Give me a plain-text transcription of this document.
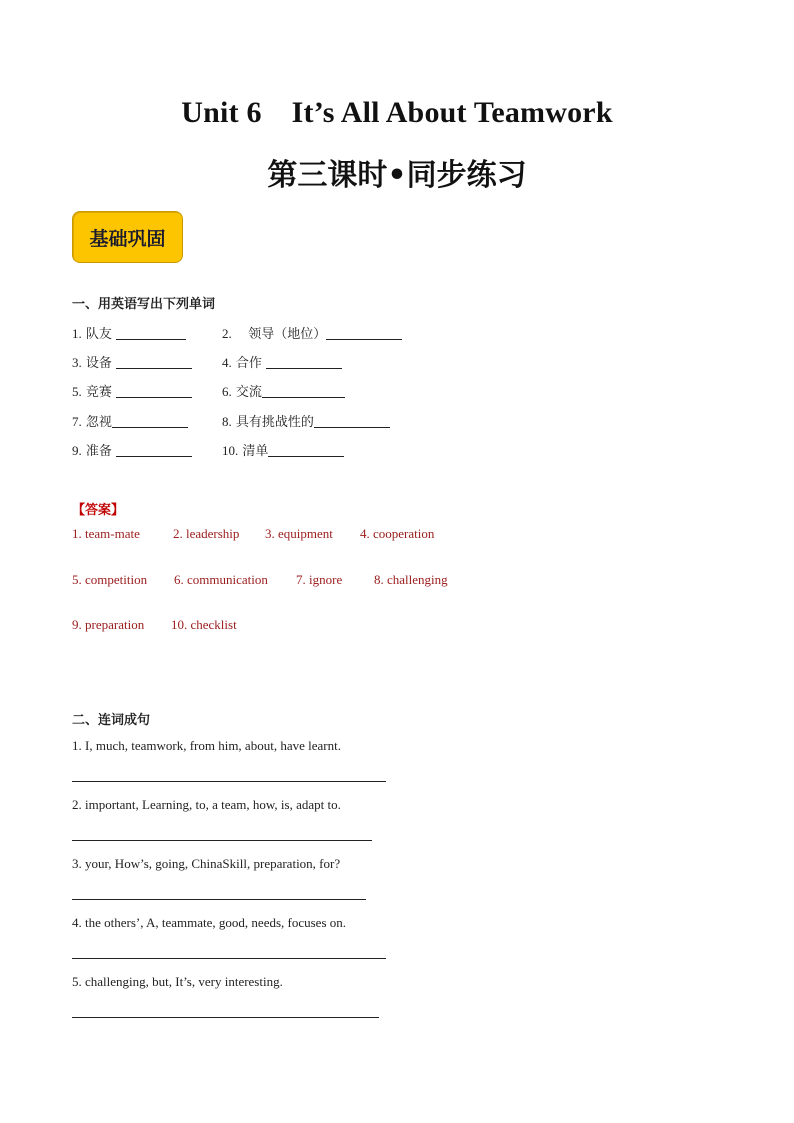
Unit 6 It’s All About Teamwork
第三课时•同步练习
基础巩固
一、用英语写出下列单词
1. 队友	2. 领导（地位）
3. 设备	4. 合作
5. 竞赛	6. 交流
7. 忽视	8. 具有挑战性的
9. 准备	10. 清单
【答案】
1. team-mate	2. leadership 3. equipment 4. cooperation
5. competition 6. communication 7. ignore 8. challenging
9. preparation 10. checklist
二、连词成句
1. I, much, teamwork, from him, about, have learnt.
2. important, Learning, to, a team, how, is, adapt to.
3. your, How’s, going, ChinaSkill, preparation, for?
4. the others’, A, teammate, good, needs, focuses on.
5. challenging, but, It’s, very interesting.
